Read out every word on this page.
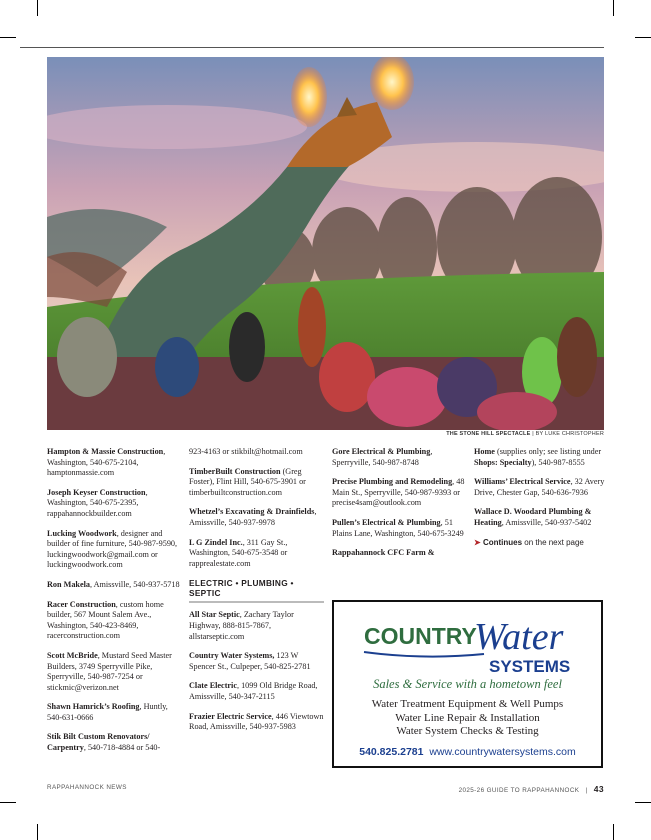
THE STONE HILL SPECTACLE | BY LUKE CHRISTOPHER
Hampton & Massie Construction, Washington, 540-675-2104, hamptonmassie.com
Joseph Keyser Construction, Washington, 540-675-2395, rappahannockbuilder.com
Lucking Woodwork, designer and builder of fine furniture, 540-987-9590, luckingwoodwork@gmail.com or luckingwoodwork.com
Ron Makela, Amissville, 540-937-5718
Racer Construction, custom home builder, 567 Mount Salem Ave., Washington, 540-423-8469, racerconstruction.com
Scott McBride, Mustard Seed Master Builders, 3749 Sperryville Pike, Sperryville, 540-987-7254 or stickmic@verizon.net
Shawn Hamrick’s Roofing, Huntly, 540-631-0666
Stik Bilt Custom Renovators/ Carpentry, 540-718-4884 or 540-
923-4163 or stikbilt@hotmail.com
TimberBuilt Construction (Greg Foster), Flint Hill, 540-675-3901 or timberbuiltconstruction.com
Whetzel’s Excavating & Drainfields, Amissville, 540-937-9978
L G Zindel Inc., 311 Gay St., Washington, 540-675-3548 or rapprealestate.com
ELECTRIC • PLUMBING • SEPTIC
All Star Septic, Zachary Taylor Highway, 888-815-7867, allstarseptic.com
Country Water Systems, 123 W Spencer St., Culpeper, 540-825-2781
Clate Electric, 1099 Old Bridge Road, Amissville, 540-347-2115
Frazier Electric Service, 446 Viewtown Road, Amissville, 540-937-5983
Gore Electrical & Plumbing, Sperryville, 540-987-8748
Precise Plumbing and Remodeling, 48 Main St., Sperryville, 540-987-9393 or precise4sam@outlook.com
Pullen’s Electrical & Plumbing, 51 Plains Lane, Washington, 540-675-3249
Rappahannock CFC Farm &
Home (supplies only; see listing under Shops: Specialty), 540-987-8555
Williams’ Electrical Service, 32 Avery Drive, Chester Gap, 540-636-7936
Wallace D. Woodard Plumbing & Heating, Amissville, 540-937-5402
➤ Continues on the next page
COUNTRY
Water
SYSTEMS
Sales & Service with a hometown feel
Water Treatment Equipment & Well Pumps
Water Line Repair & Installation
Water System Checks & Testing
540.825.2781 www.countrywatersystems.com
RAPPAHANNOCK NEWS	2025-26 GUIDE TO RAPPAHANNOCK | 43
